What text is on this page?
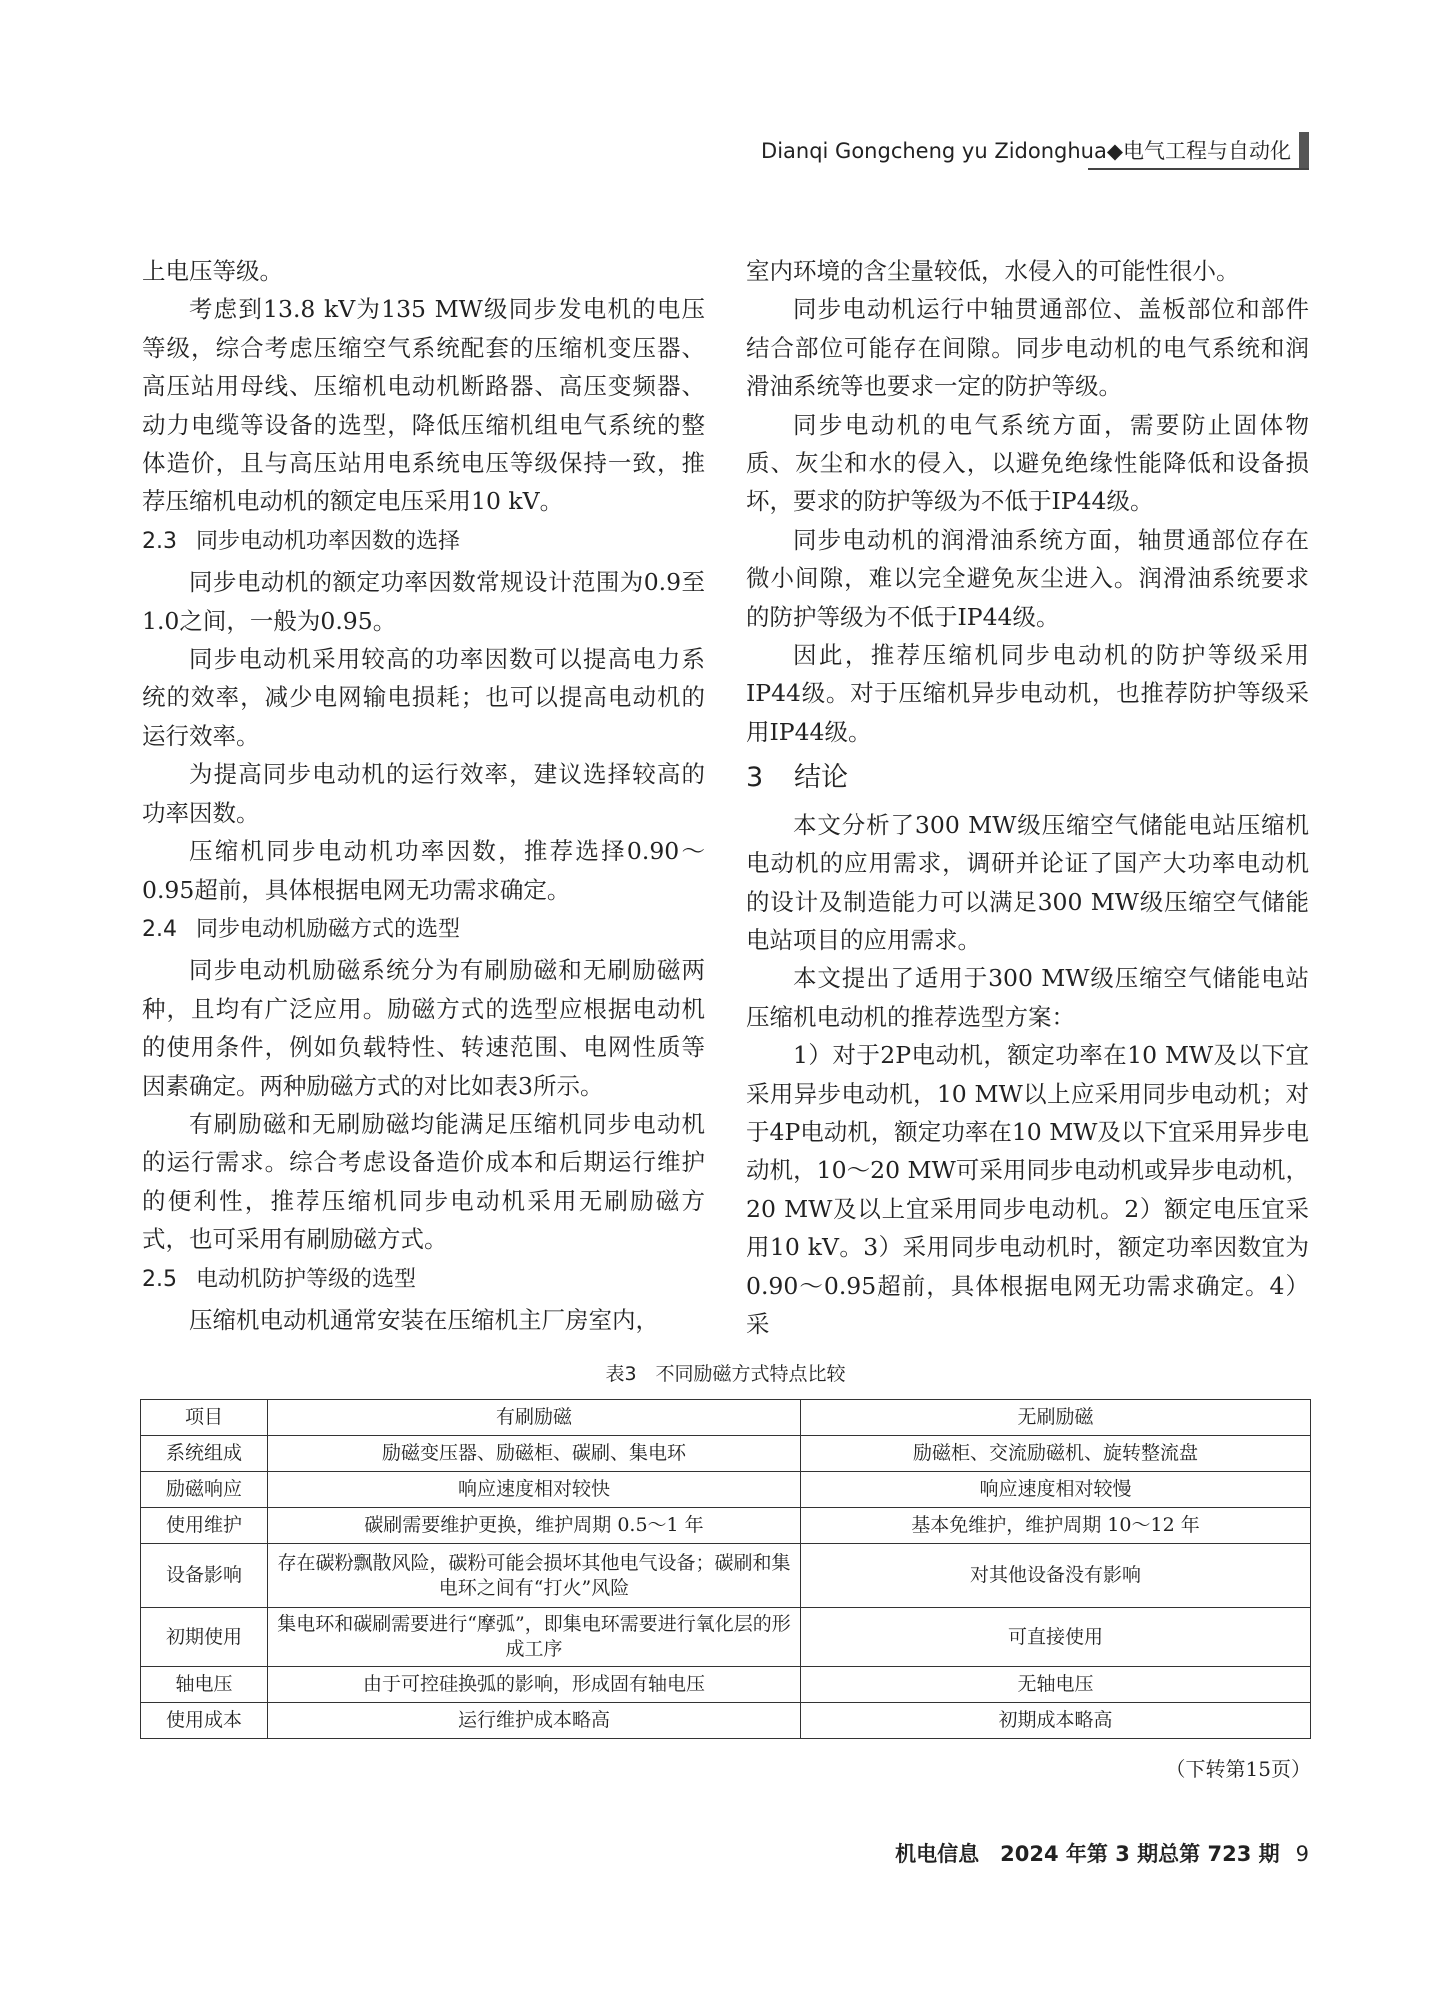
Dianqi Gongcheng yu Zidonghua◆电气工程与自动化

上电压等级。

考虑到13.8 kV为135 MW级同步发电机的电压等级，综合考虑压缩空气系统配套的压缩机变压器、高压站用母线、压缩机电动机断路器、高压变频器、动力电缆等设备的选型，降低压缩机组电气系统的整体造价，且与高压站用电系统电压等级保持一致，推荐压缩机电动机的额定电压采用10 kV。

2.3 同步电动机功率因数的选择

同步电动机的额定功率因数常规设计范围为0.9至1.0之间，一般为0.95。

同步电动机采用较高的功率因数可以提高电力系统的效率，减少电网输电损耗；也可以提高电动机的运行效率。

为提高同步电动机的运行效率，建议选择较高的功率因数。

压缩机同步电动机功率因数，推荐选择0.90～0.95超前，具体根据电网无功需求确定。

2.4 同步电动机励磁方式的选型

同步电动机励磁系统分为有刷励磁和无刷励磁两种，且均有广泛应用。励磁方式的选型应根据电动机的使用条件，例如负载特性、转速范围、电网性质等因素确定。两种励磁方式的对比如表3所示。

有刷励磁和无刷励磁均能满足压缩机同步电动机的运行需求。综合考虑设备造价成本和后期运行维护的便利性，推荐压缩机同步电动机采用无刷励磁方式，也可采用有刷励磁方式。

2.5 电动机防护等级的选型

压缩机电动机通常安装在压缩机主厂房室内，

室内环境的含尘量较低，水侵入的可能性很小。

同步电动机运行中轴贯通部位、盖板部位和部件结合部位可能存在间隙。同步电动机的电气系统和润滑油系统等也要求一定的防护等级。

同步电动机的电气系统方面，需要防止固体物质、灰尘和水的侵入，以避免绝缘性能降低和设备损坏，要求的防护等级为不低于IP44级。

同步电动机的润滑油系统方面，轴贯通部位存在微小间隙，难以完全避免灰尘进入。润滑油系统要求的防护等级为不低于IP44级。

因此，推荐压缩机同步电动机的防护等级采用IP44级。对于压缩机异步电动机，也推荐防护等级采用IP44级。

3 结论

本文分析了300 MW级压缩空气储能电站压缩机电动机的应用需求，调研并论证了国产大功率电动机的设计及制造能力可以满足300 MW级压缩空气储能电站项目的应用需求。

本文提出了适用于300 MW级压缩空气储能电站压缩机电动机的推荐选型方案：

1）对于2P电动机，额定功率在10 MW及以下宜采用异步电动机，10 MW以上应采用同步电动机；对于4P电动机，额定功率在10 MW及以下宜采用异步电动机，10～20 MW可采用同步电动机或异步电动机，20 MW及以上宜采用同步电动机。2）额定电压宜采用10 kV。3）采用同步电动机时，额定功率因数宜为0.90～0.95超前，具体根据电网无功需求确定。4）采

表3　不同励磁方式特点比较
项目	有刷励磁	无刷励磁
系统组成	励磁变压器、励磁柜、碳刷、集电环	励磁柜、交流励磁机、旋转整流盘
励磁响应	响应速度相对较快	响应速度相对较慢
使用维护	碳刷需要维护更换，维护周期 0.5～1 年	基本免维护，维护周期 10～12 年
设备影响	存在碳粉飘散风险，碳粉可能会损坏其他电气设备；碳刷和集电环之间有“打火”风险	对其他设备没有影响
初期使用	集电环和碳刷需要进行“摩弧”，即集电环需要进行氧化层的形成工序	可直接使用
轴电压	由于可控硅换弧的影响，形成固有轴电压	无轴电压
使用成本	运行维护成本略高	初期成本略高
（下转第15页）
机电信息　2024 年第 3 期总第 723 期 9
